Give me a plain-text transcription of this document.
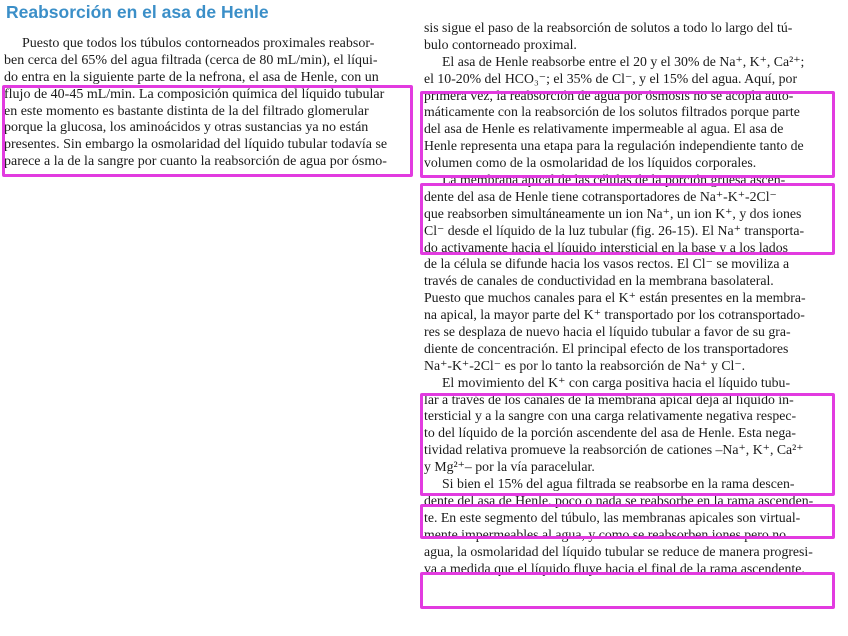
Reabsorción en el asa de Henle
Puesto que todos los túbulos contorneados proximales reabsor-
ben cerca del 65% del agua filtrada (cerca de 80 mL/min), el líqui-
do entra en la siguiente parte de la nefrona, el asa de Henle, con un
flujo de 40-45 mL/min. La composición química del líquido tubular
en este momento es bastante distinta de la del filtrado glomerular
porque la glucosa, los aminoácidos y otras sustancias ya no están
presentes. Sin embargo la osmolaridad del líquido tubular todavía se
parece a la de la sangre por cuanto la reabsorción de agua por ósmo-
sis sigue el paso de la reabsorción de solutos a todo lo largo del tú-
bulo contorneado proximal.
El asa de Henle reabsorbe entre el 20 y el 30% de Na⁺, K⁺, Ca²⁺;
el 10-20% del HCO₃⁻; el 35% de Cl⁻, y el 15% del agua. Aquí, por
primera vez, la reabsorción de agua por ósmosis no se acopla auto-
máticamente con la reabsorción de los solutos filtrados porque parte
del asa de Henle es relativamente impermeable al agua. El asa de
Henle representa una etapa para la regulación independiente tanto de
volumen como de la osmolaridad de los líquidos corporales.
La membrana apical de las células de la porción gruesa ascen-
dente del asa de Henle tiene cotransportadores de Na⁺-K⁺-2Cl⁻
que reabsorben simultáneamente un ion Na⁺, un ion K⁺, y dos iones
Cl⁻ desde el líquido de la luz tubular (fig. 26-15). El Na⁺ transporta-
do activamente hacia el líquido intersticial en la base y a los lados
de la célula se difunde hacia los vasos rectos. El Cl⁻ se moviliza a
través de canales de conductividad en la membrana basolateral.
Puesto que muchos canales para el K⁺ están presentes en la membra-
na apical, la mayor parte del K⁺ transportado por los cotransportado-
res se desplaza de nuevo hacia el líquido tubular a favor de su gra-
diente de concentración. El principal efecto de los transportadores
Na⁺-K⁺-2Cl⁻ es por lo tanto la reabsorción de Na⁺ y Cl⁻.
El movimiento del K⁺ con carga positiva hacia el líquido tubu-
lar a través de los canales de la membrana apical deja al líquido in-
tersticial y a la sangre con una carga relativamente negativa respec-
to del líquido de la porción ascendente del asa de Henle. Esta nega-
tividad relativa promueve la reabsorción de cationes –Na⁺, K⁺, Ca²⁺
y Mg²⁺– por la vía paracelular.
Si bien el 15% del agua filtrada se reabsorbe en la rama descen-
dente del asa de Henle, poco o nada se reabsorbe en la rama ascenden-
te. En este segmento del túbulo, las membranas apicales son virtual-
mente impermeables al agua, y como se reabsorben iones pero no
agua, la osmolaridad del líquido tubular se reduce de manera progresi-
va a medida que el líquido fluye hacia el final de la rama ascendente.
